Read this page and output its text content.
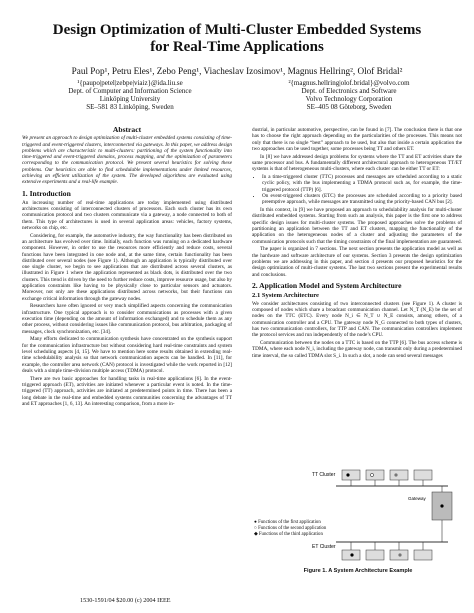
Design Optimization of Multi-Cluster Embedded Systems
for Real-Time Applications
Paul Pop¹, Petru Eles¹, Zebo Peng¹, Viacheslav Izosimov¹, Magnus Hellring², Olof Bridal²
¹{paupo|petel|zebpe|viaiz}@ida.liu.se
Dept. of Computer and Information Science
Linköping University
SE–581 83 Linköping, Sweden
²{magnus.hellring|olof.bridal}@volvo.com
Dept. of Electronics and Software
Volvo Technology Corporation
SE–405 08 Göteborg, Sweden
Abstract

We present an approach to design optimization of multi-cluster embedded systems consisting of time-triggered and event-triggered clusters, interconnected via gateways. In this paper, we address design problems which are characteristic to multi-clusters: partitioning of the system functionality into time-triggered and event-triggered domains, process mapping, and the optimization of parameters corresponding to the communication protocol. We present several heuristics for solving these problems. Our heuristics are able to find schedulable implementations under limited resources, achieving an efficient utilization of the system. The developed algorithms are evaluated using extensive experiments and a real-life example.

1. Introduction

An increasing number of real-time applications are today implemented using distributed architectures consisting of interconnected clusters of processors. Each such cluster has its own communication protocol and two clusters communicate via a gateway, a node connected to both of them. This type of architectures is used in several application areas: vehicles, factory systems, networks on chip, etc.

Considering, for example, the automotive industry, the way functionality has been distributed on an architecture has evolved over time. Initially, each function was running on a dedicated hardware component. However, in order to use the resources more efficiently and reduce costs, several functions have been integrated in one node and, at the same time, certain functionality has been distributed over several nodes (see Figure 1). Although an application is typically distributed over one single cluster, we begin to see applications that are distributed across several clusters, as illustrated in Figure 1 where the application represented as black dots, is distributed over the two clusters. This trend is driven by the need to further reduce costs, improve resource usage, but also by application constraints like having to be physically close to particular sensors and actuators. Moreover, not only are these applications distributed across networks, but their functions can exchange critical information through the gateway nodes.

Researchers have often ignored or very much simplified aspects concerning the communication infrastructure. One typical approach is to consider communications as processes with a given execution time (depending on the amount of information exchanged) and to schedule them as any other process, without considering issues like communication protocol, bus arbitration, packaging of messages, clock synchronization, etc. [34].

Many efforts dedicated to communication synthesis have concentrated on the synthesis support for the communication infrastructure but without considering hard real-time constraints and system level scheduling aspects [4, 15]. We have to mention here some results obtained in extending real-time schedulability analysis so that network communication aspects can be handled. In [11], for example, the controller area network (CAN) protocol is investigated while the work reported in [12] deals with a simple time-division multiple access (TDMA) protocol.

There are two basic approaches for handling tasks in real-time applications [6]. In the event-triggered approach (ET), activities are initiated whenever a particular event is noted. In the time-triggered (TT) approach, activities are initiated at predetermined points in time. There has been a long debate in the real-time and embedded systems communities concerning the advantages of TT and ET approaches [1, 6, 13]. An interesting comparison, from a more in-

dustrial, in particular automotive, perspective, can be found in [7]. The conclusion there is that one has to choose the right approach depending on the particularities of the processes. This means not only that there is no single “best” approach to be used, but also that inside a certain application the two approaches can be used together, some processes being TT and others ET.

In [8] we have addressed design problems for systems where the TT and ET activities share the same processor and bus. A fundamentally different architectural approach to heterogeneous TT/ET systems is that of heterogeneous multi-clusters, where each cluster can be either TT or ET:

• In a time-triggered cluster (TTC) processes and messages are scheduled according to a static cyclic policy, with the bus implementing a TDMA protocol such as, for example, the time-triggered protocol (TTP) [6].
• On event-triggered clusters (ETC) the processes are scheduled according to a priority based preemptive approach, while messages are transmitted using the priority-based CAN bus [2].

In this context, in [9] we have proposed an approach to schedulability analysis for multi-cluster distributed embedded systems. Starting from such an analysis, this paper is the first one to address specific design issues for multi-cluster systems. The proposed approaches solve the problems of partitioning an application between the TT and ET clusters, mapping the functionality of the application on the heterogeneous nodes of a cluster and adjusting the parameters of the communication protocols such that the timing constraints of the final implementation are guaranteed.

The paper is organized in 7 sections. The next section presents the application model as well as the hardware and software architecture of our systems. Section 3 presents the design optimization problems we are addressing in this paper, and section 4 presents our proposed heuristics for the design optimization of multi-cluster systems. The last two sections present the experimental results and conclusions.

2. Application Model and System Architecture
2.1 System Architecture

We consider architectures consisting of two interconnected clusters (see Figure 1). A cluster is composed of nodes which share a broadcast communication channel. Let N_T (N_E) be the set of nodes on the TTC (ETC). Every node N_i ∈ N_T ∪ N_E consists, among others, of a communication controller and a CPU. The gateway node N_G connected to both types of clusters, has two communication controllers, for TTP and CAN. The communication controllers implement the protocol services and run independently of the node’s CPU.

Communication between the nodes on a TTC is based on the TTP [6]. The bus access scheme is TDMA, where each node N_i, including the gateway node, can transmit only during a predetermined time interval, the so called TDMA slot S_i. In such a slot, a node can send several messages

TT Cluster
Gateway
ET Cluster
● Functions of the first application
○ Functions of the second application
◆ Functions of the third application
Figure 1. A System Architecture Example
1530-1591/04 $20.00 (c) 2004 IEEE
